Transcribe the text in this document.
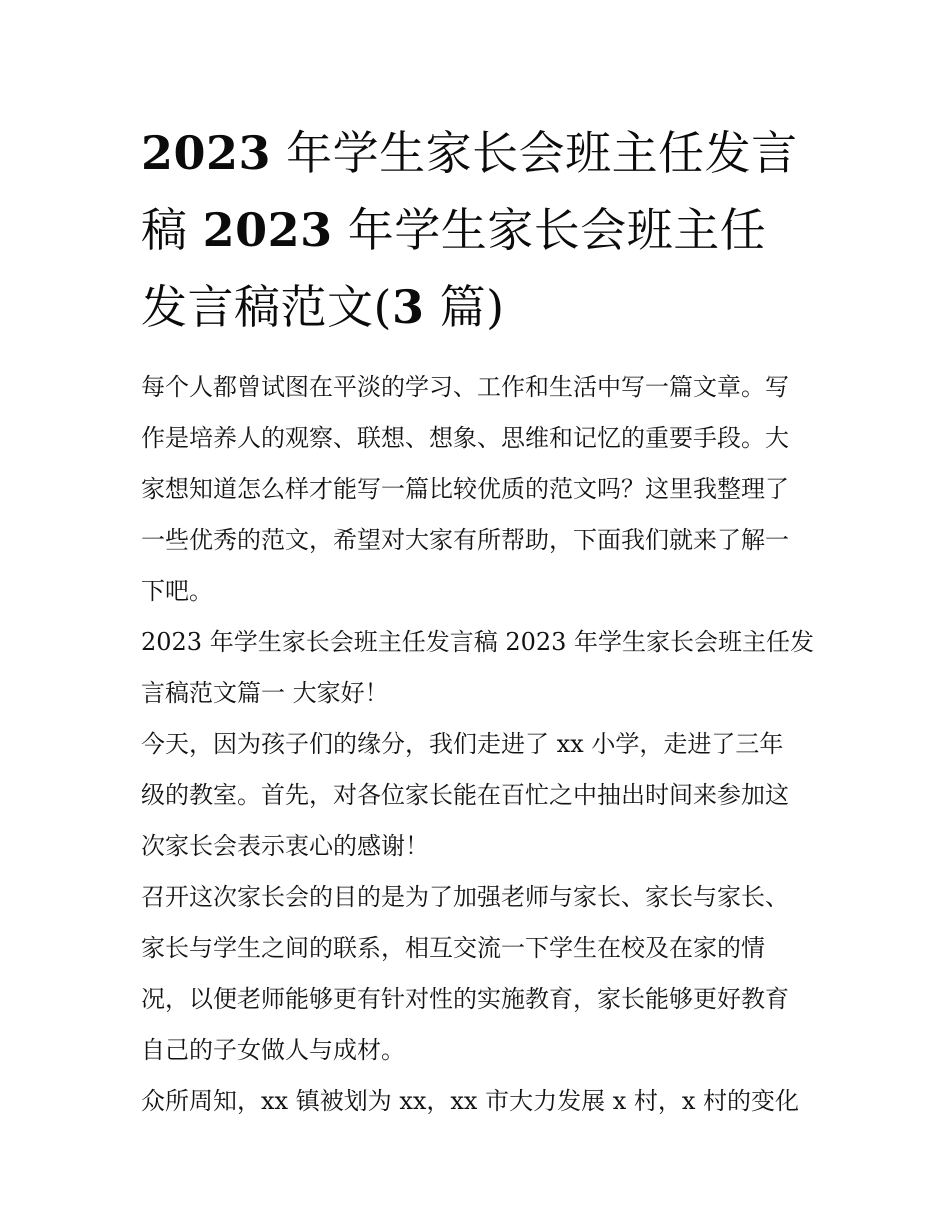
2023 年学生家长会班主任发言
稿 2023 年学生家长会班主任
发言稿范文(3 篇)

每个人都曾试图在平淡的学习、工作和生活中写一篇文章。写
作是培养人的观察、联想、想象、思维和记忆的重要手段。大
家想知道怎么样才能写一篇比较优质的范文吗？这里我整理了
一些优秀的范文，希望对大家有所帮助，下面我们就来了解一
下吧。

2023 年学生家长会班主任发言稿 2023 年学生家长会班主任发
言稿范文篇一 大家好！

今天，因为孩子们的缘分，我们走进了 xx 小学，走进了三年
级的教室。首先，对各位家长能在百忙之中抽出时间来参加这
次家长会表示衷心的感谢！

召开这次家长会的目的是为了加强老师与家长、家长与家长、
家长与学生之间的联系，相互交流一下学生在校及在家的情
况，以便老师能够更有针对性的实施教育，家长能够更好教育
自己的子女做人与成材。

众所周知，xx 镇被划为 xx，xx 市大力发展 x 村，x 村的变化
